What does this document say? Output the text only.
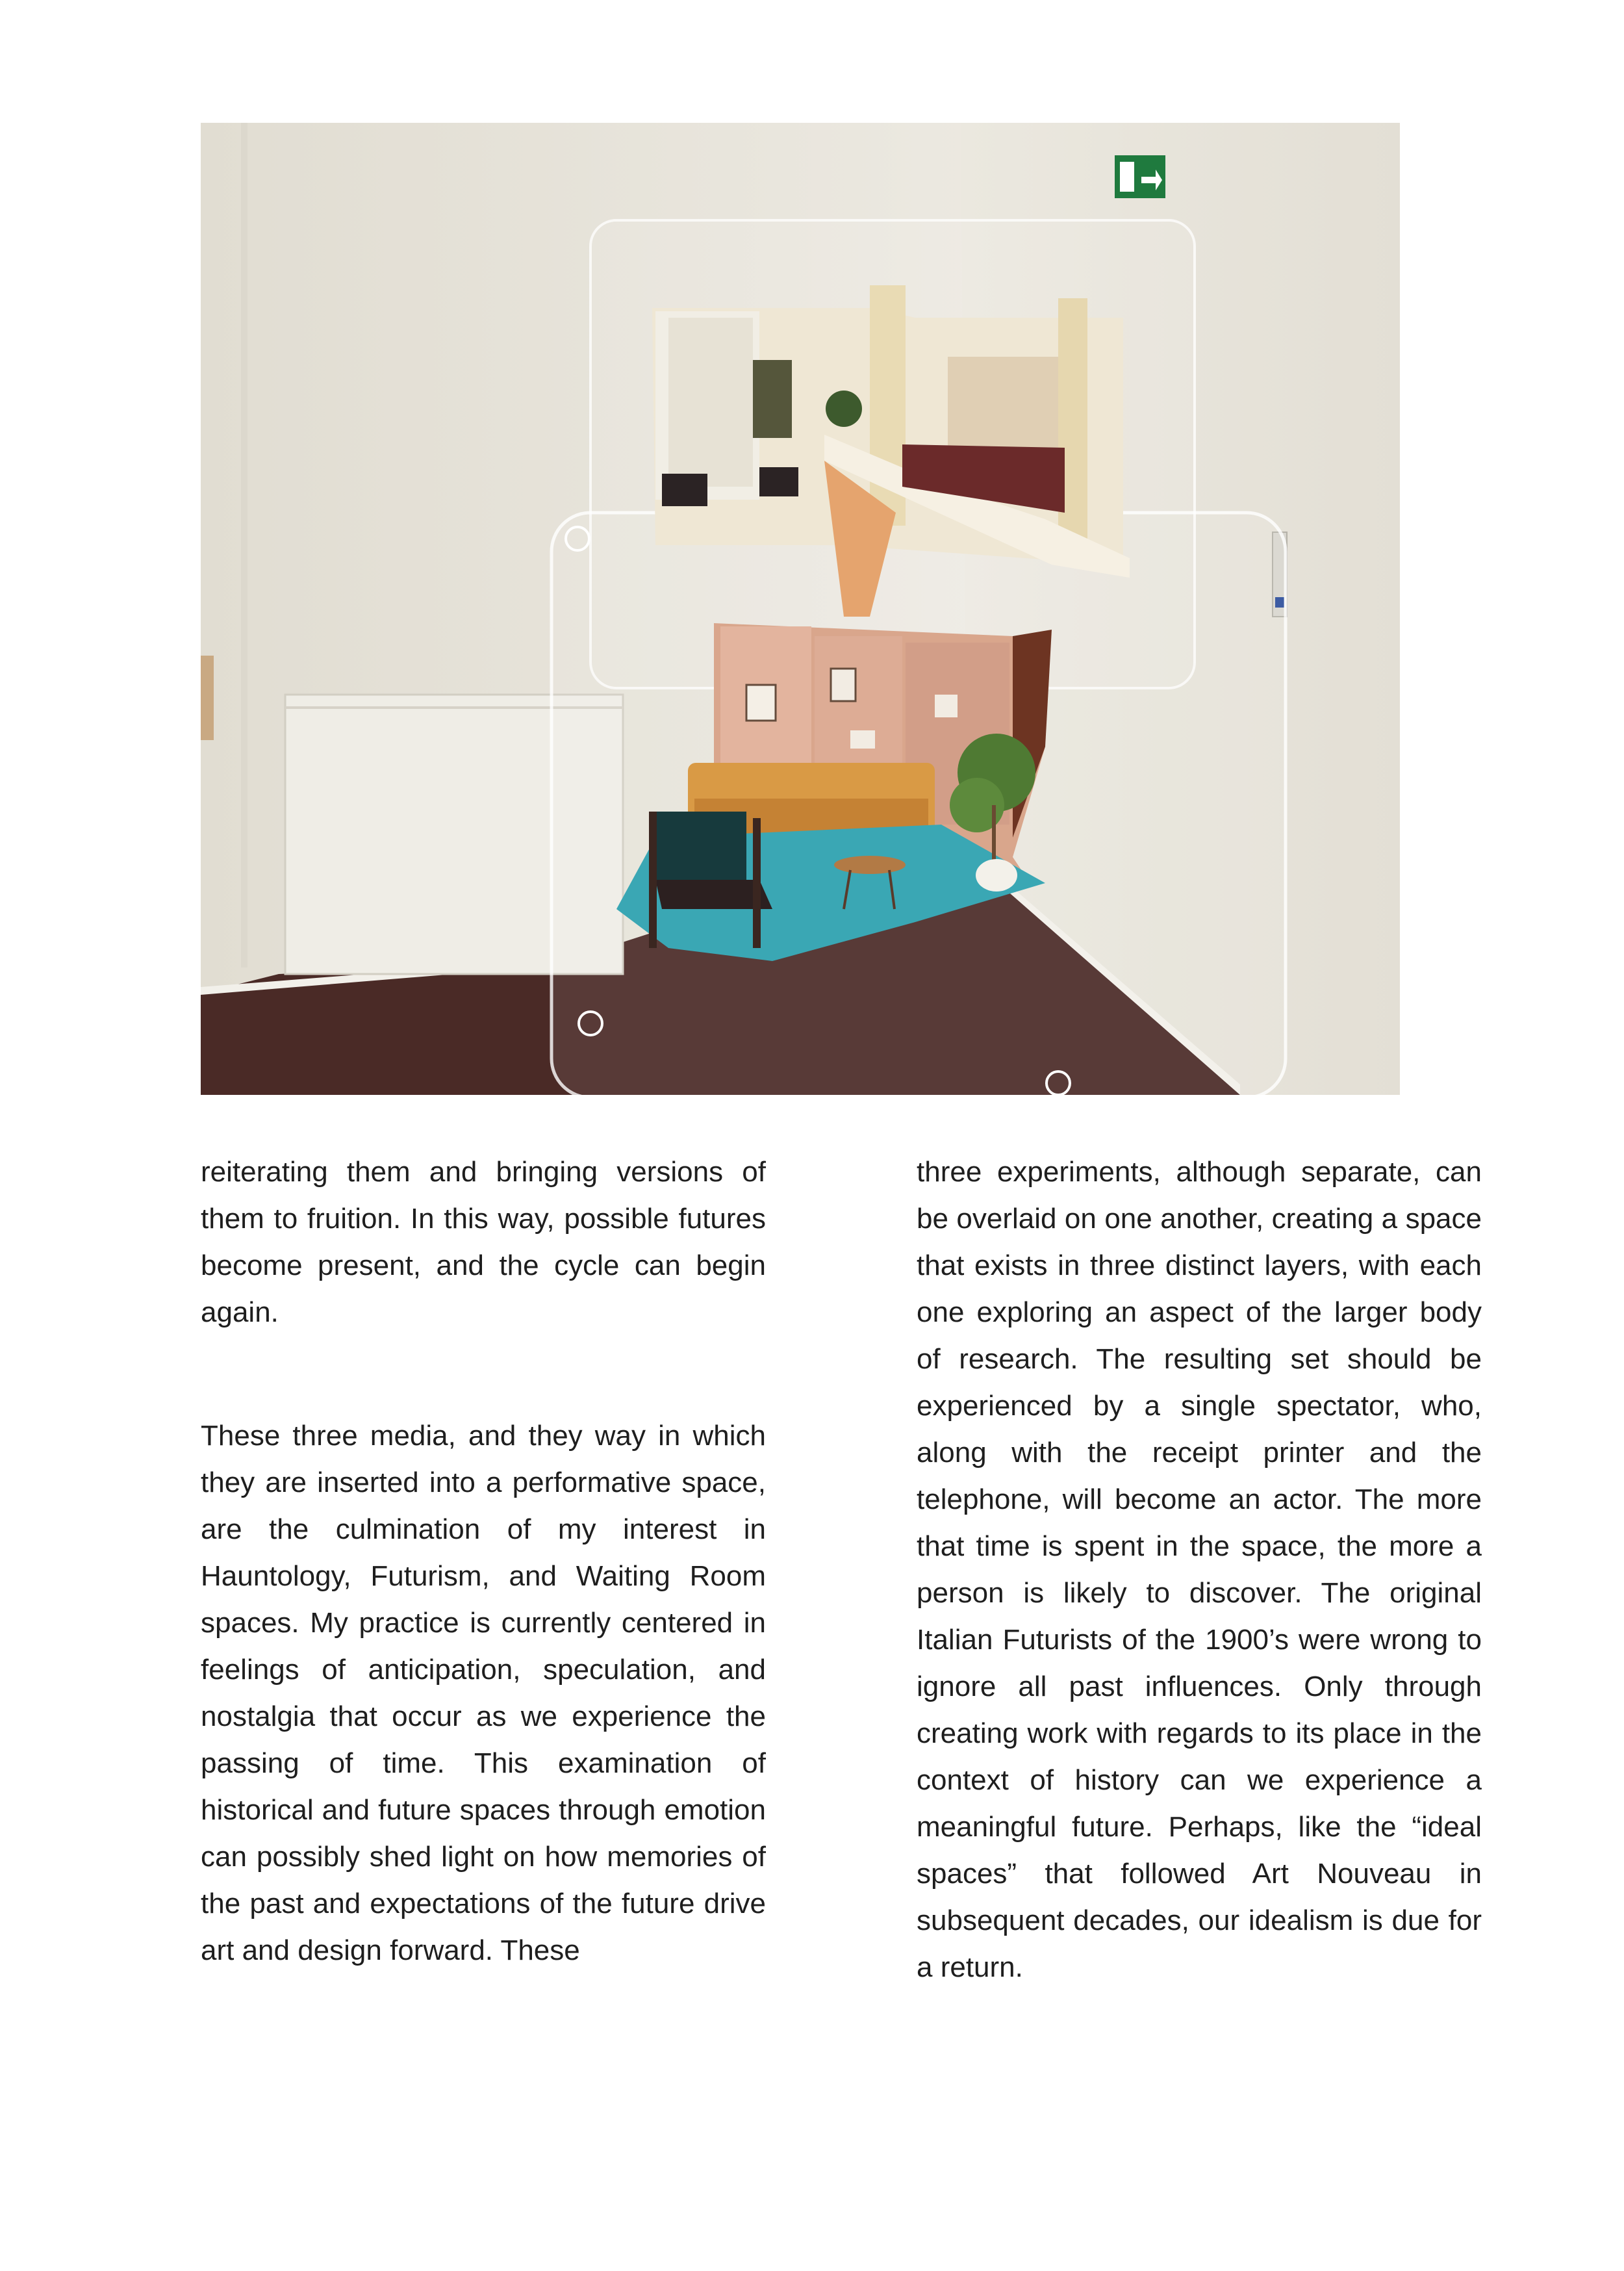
reiterating them and bringing versions of them to fruition. In this way, possible futures become present, and the cycle can begin again.

These three media, and they way in which they are inserted into a performative space, are the culmination of my interest in Hauntology, Futurism, and Waiting Room spaces. My practice is currently centered in feelings of anticipation, speculation, and nostalgia that occur as we experience the passing of time. This examination of historical and future spaces through emotion can possibly shed light on how memories of the past and expectations of the future drive art and design forward. These

three experiments, although separate, can be overlaid on one another, creating a space that exists in three distinct layers, with each one exploring an aspect of the larger body of research. The resulting set should be experienced by a single spectator, who, along with the receipt printer and the telephone, will become an actor. The more that time is spent in the space, the more a person is likely to discover. The original Italian Futurists of the 1900’s were wrong to ignore all past influences. Only through creating work with regards to its place in the context of history can we experience a meaningful future. Perhaps, like the “ideal spaces” that followed Art Nouveau in subsequent decades, our idealism is due for a return.
